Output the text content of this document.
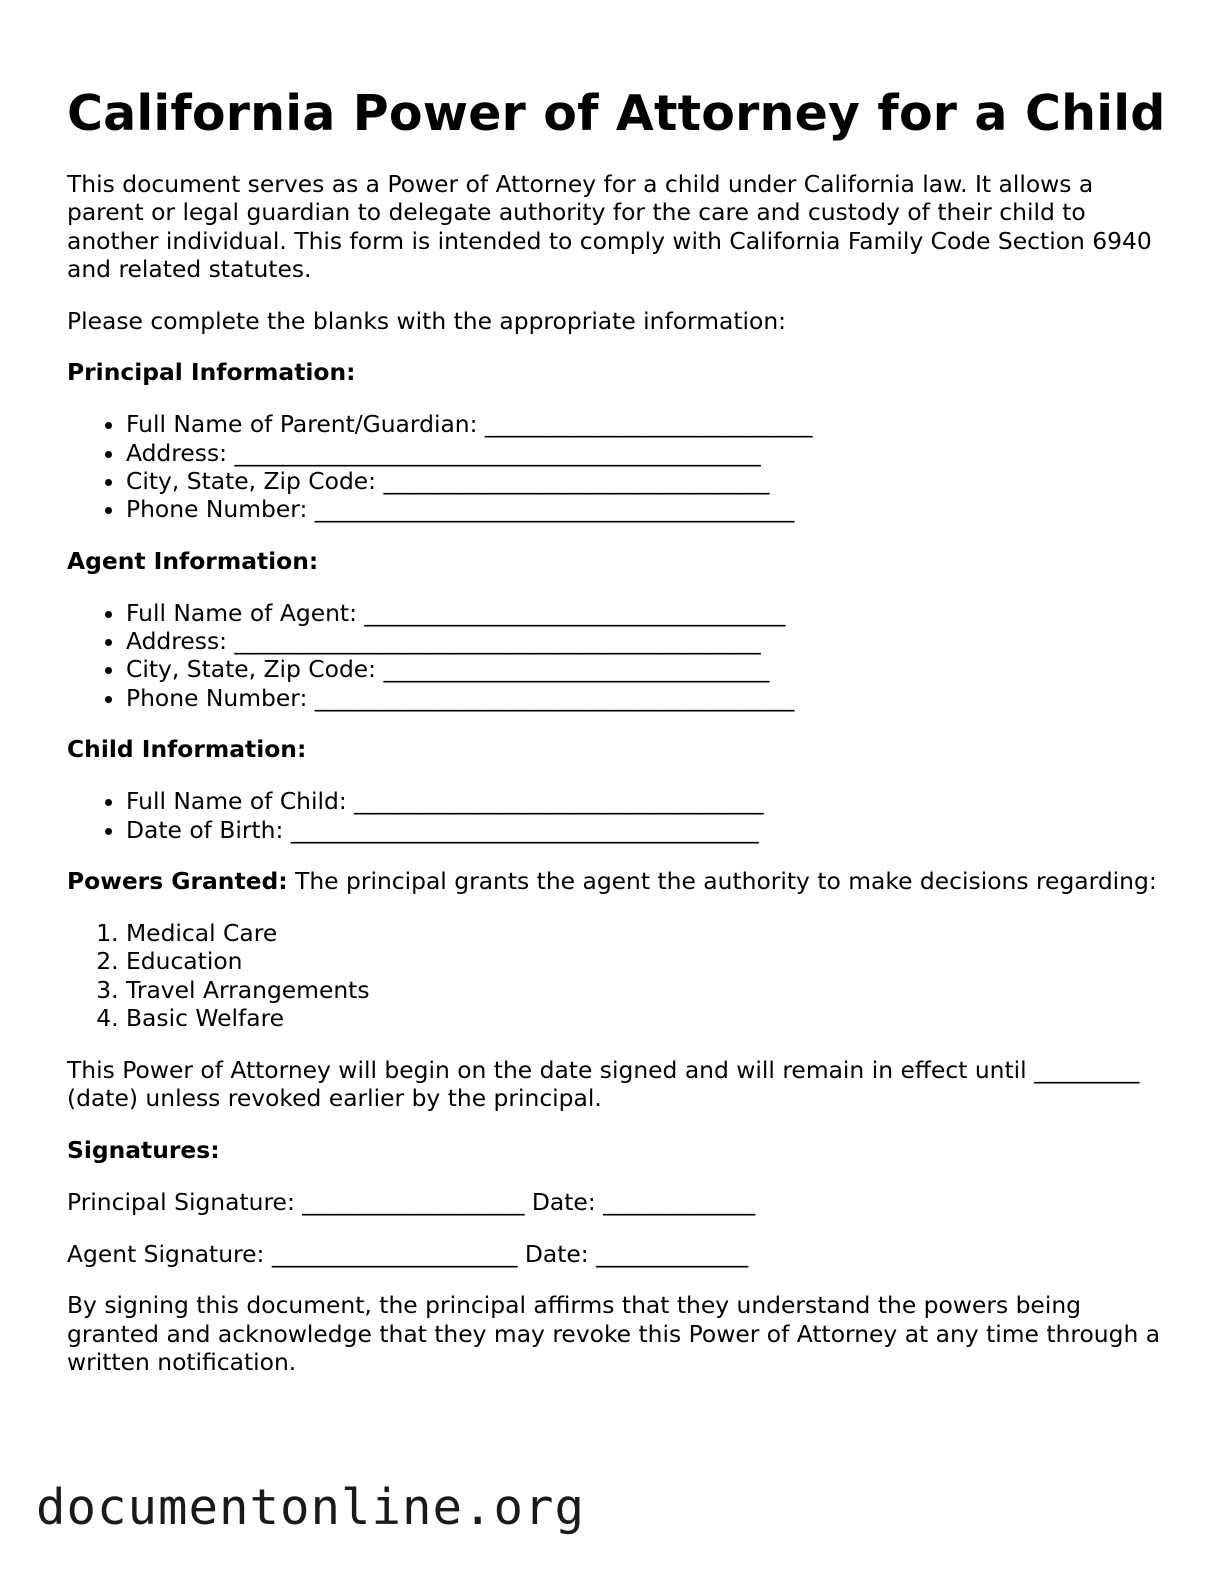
California Power of Attorney for a Child

This document serves as a Power of Attorney for a child under California law. It allows a parent or legal guardian to delegate authority for the care and custody of their child to another individual. This form is intended to comply with California Family Code Section 6940 and related statutes.

Please complete the blanks with the appropriate information:

Principal Information:

• Full Name of Parent/Guardian: ____________________________
• Address: _____________________________________________
• City, State, Zip Code: _________________________________
• Phone Number: _________________________________________

Agent Information:

• Full Name of Agent: ____________________________________
• Address: _____________________________________________
• City, State, Zip Code: _________________________________
• Phone Number: _________________________________________

Child Information:

• Full Name of Child: ___________________________________
• Date of Birth: ________________________________________

Powers Granted: The principal grants the agent the authority to make decisions regarding:

1. Medical Care
2. Education
3. Travel Arrangements
4. Basic Welfare

This Power of Attorney will begin on the date signed and will remain in effect until _________ (date) unless revoked earlier by the principal.

Signatures:

Principal Signature: ___________________ Date: _____________

Agent Signature: _____________________ Date: _____________

By signing this document, the principal affirms that they understand the powers being granted and acknowledge that they may revoke this Power of Attorney at any time through a written notification.

documentonline.org
